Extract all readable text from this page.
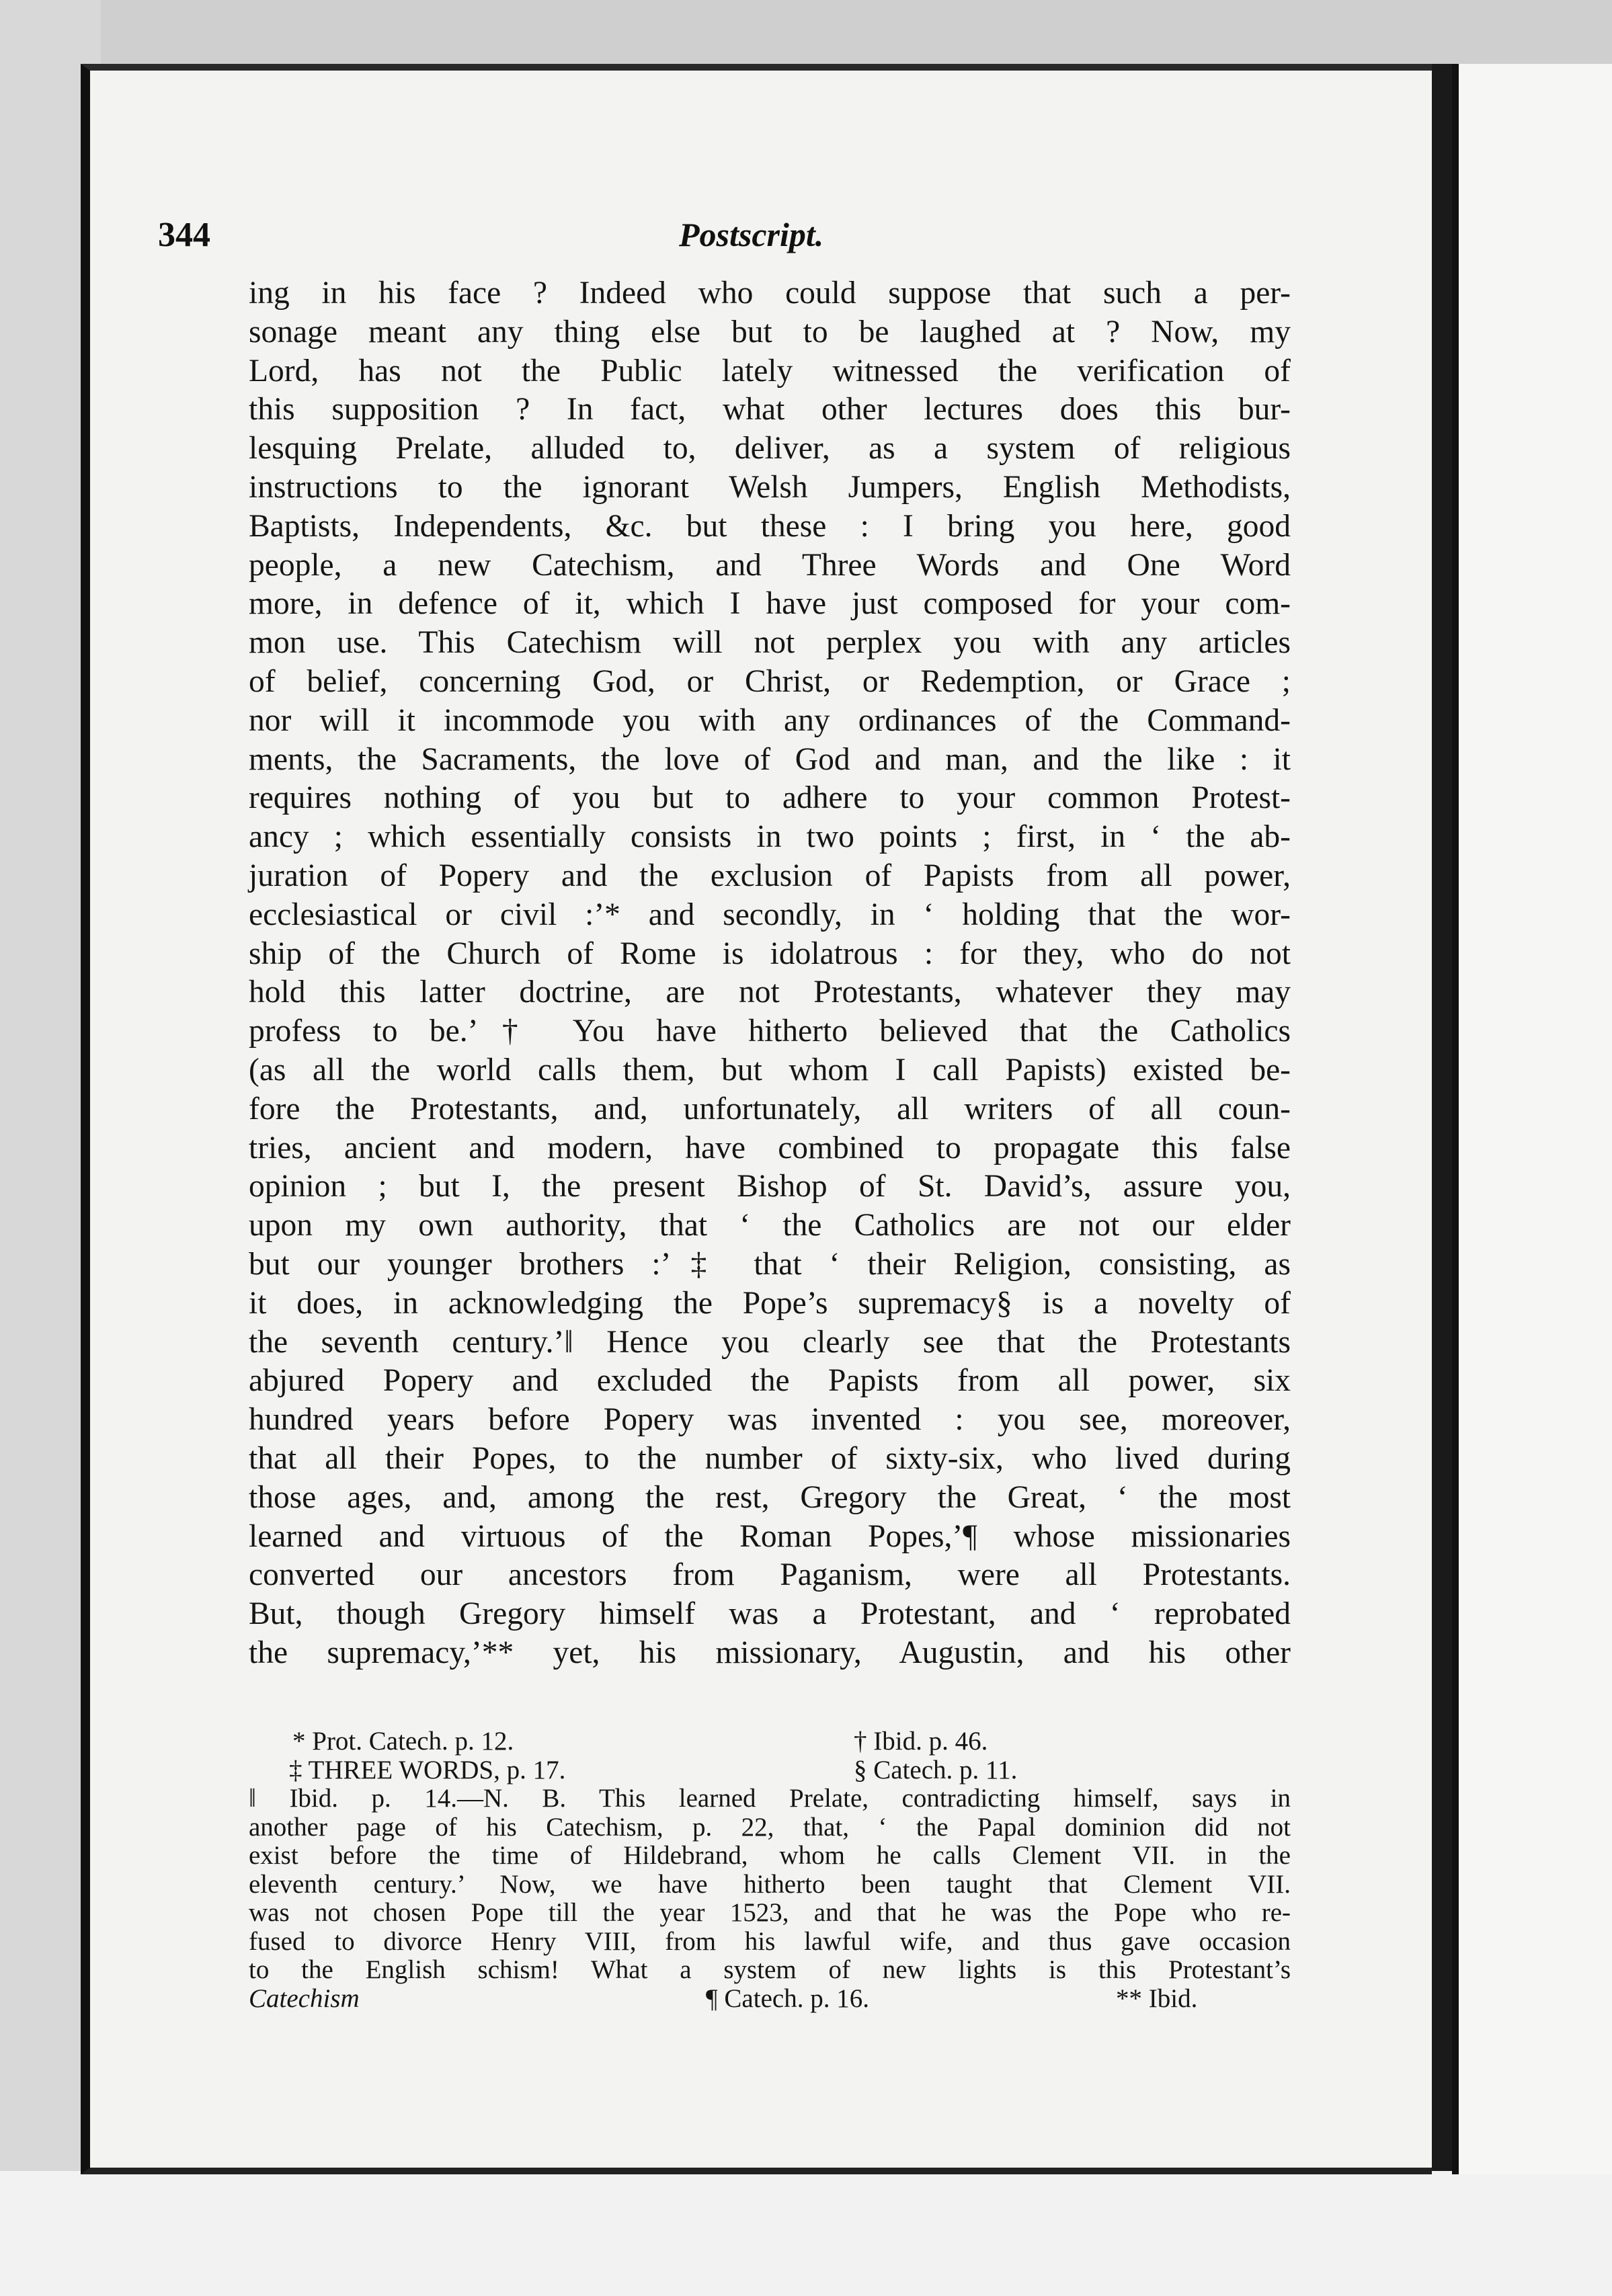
344	Postscript.
ing in his face ? Indeed who could suppose that such a per-
sonage meant any thing else but to be laughed at ? Now, my
Lord, has not the Public lately witnessed the verification of
this supposition ? In fact, what other lectures does this bur-
lesquing Prelate, alluded to, deliver, as a system of religious
instructions to the ignorant Welsh Jumpers, English Methodists,
Baptists, Independents, &c. but these : I bring you here, good
people, a new Catechism, and Three Words and One Word
more, in defence of it, which I have just composed for your com-
mon use. This Catechism will not perplex you with any articles
of belief, concerning God, or Christ, or Redemption, or Grace ;
nor will it incommode you with any ordinances of the Command-
ments, the Sacraments, the love of God and man, and the like : it
requires nothing of you but to adhere to your common Protest-
ancy ; which essentially consists in two points ; first, in ‘ the ab-
juration of Popery and the exclusion of Papists from all power,
ecclesiastical or civil :’* and secondly, in ‘ holding that the wor-
ship of the Church of Rome is idolatrous : for they, who do not
hold this latter doctrine, are not Protestants, whatever they may
profess to be.’† You have hitherto believed that the Catholics
(as all the world calls them, but whom I call Papists) existed be-
fore the Protestants, and, unfortunately, all writers of all coun-
tries, ancient and modern, have combined to propagate this false
opinion ; but I, the present Bishop of St. David’s, assure you,
upon my own authority, that ‘ the Catholics are not our elder
but our younger brothers :’‡ that ‘ their Religion, consisting, as
it does, in acknowledging the Pope’s supremacy§ is a novelty of
the seventh century.’‖ Hence you clearly see that the Protestants
abjured Popery and excluded the Papists from all power, six
hundred years before Popery was invented : you see, moreover,
that all their Popes, to the number of sixty-six, who lived during
those ages, and, among the rest, Gregory the Great, ‘ the most
learned and virtuous of the Roman Popes,’¶ whose missionaries
converted our ancestors from Paganism, were all Protestants.
But, though Gregory himself was a Protestant, and ‘ reprobated
the supremacy,’** yet, his missionary, Augustin, and his other
* Prot. Catech. p. 12.	† Ibid. p. 46.
‡ THREE WORDS, p. 17.	§ Catech. p. 11.
‖ Ibid. p. 14.—N. B. This learned Prelate, contradicting himself, says in
another page of his Catechism, p. 22, that, ‘ the Papal dominion did not
exist before the time of Hildebrand, whom he calls Clement VII. in the
eleventh century.’ Now, we have hitherto been taught that Clement VII.
was not chosen Pope till the year 1523, and that he was the Pope who re-
fused to divorce Henry VIII, from his lawful wife, and thus gave occasion
to the English schism! What a system of new lights is this Protestant’s
Catechism	¶ Catech. p. 16.	** Ibid.
